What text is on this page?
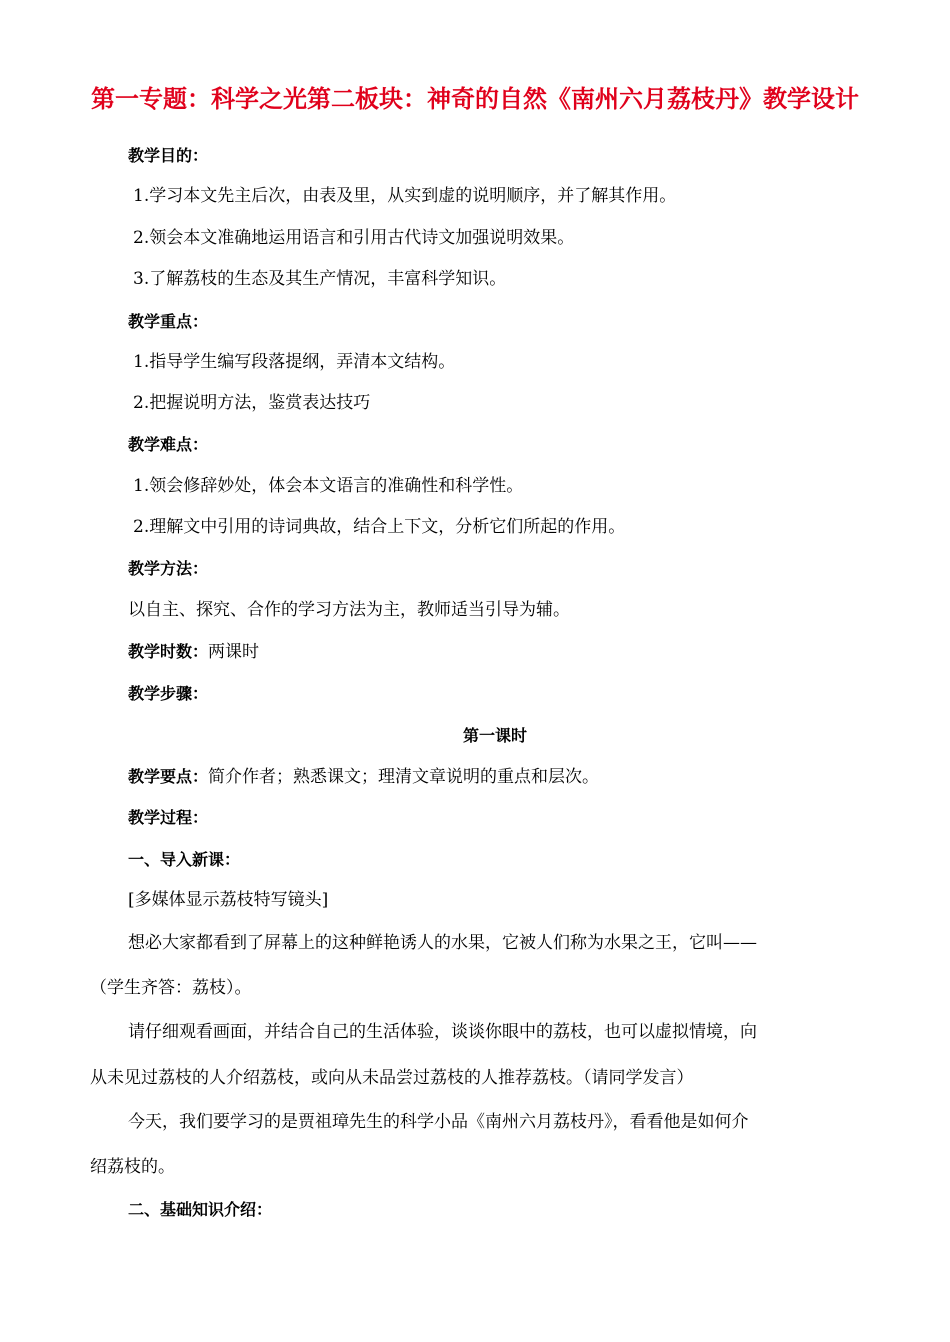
第一专题：科学之光第二板块：神奇的自然《南州六月荔枝丹》教学设计
教学目的：
1.学习本文先主后次，由表及里，从实到虚的说明顺序，并了解其作用。
2.领会本文准确地运用语言和引用古代诗文加强说明效果。
3.了解荔枝的生态及其生产情况，丰富科学知识。
教学重点：
1.指导学生编写段落提纲，弄清本文结构。
2.把握说明方法，鉴赏表达技巧
教学难点：
1.领会修辞妙处，体会本文语言的准确性和科学性。
2.理解文中引用的诗词典故，结合上下文，分析它们所起的作用。
教学方法：
以自主、探究、合作的学习方法为主，教师适当引导为辅。
教学时数：两课时
教学步骤：
第一课时
教学要点：简介作者；熟悉课文；理清文章说明的重点和层次。
教学过程：
一、导入新课：
[多媒体显示荔枝特写镜头]
想必大家都看到了屏幕上的这种鲜艳诱人的水果，它被人们称为水果之王，它叫——
（学生齐答：荔枝）。
请仔细观看画面，并结合自己的生活体验，谈谈你眼中的荔枝，也可以虚拟情境，向
从未见过荔枝的人介绍荔枝，或向从未品尝过荔枝的人推荐荔枝。（请同学发言）
今天，我们要学习的是贾祖璋先生的科学小品《南州六月荔枝丹》，看看他是如何介
绍荔枝的。
二、基础知识介绍：
